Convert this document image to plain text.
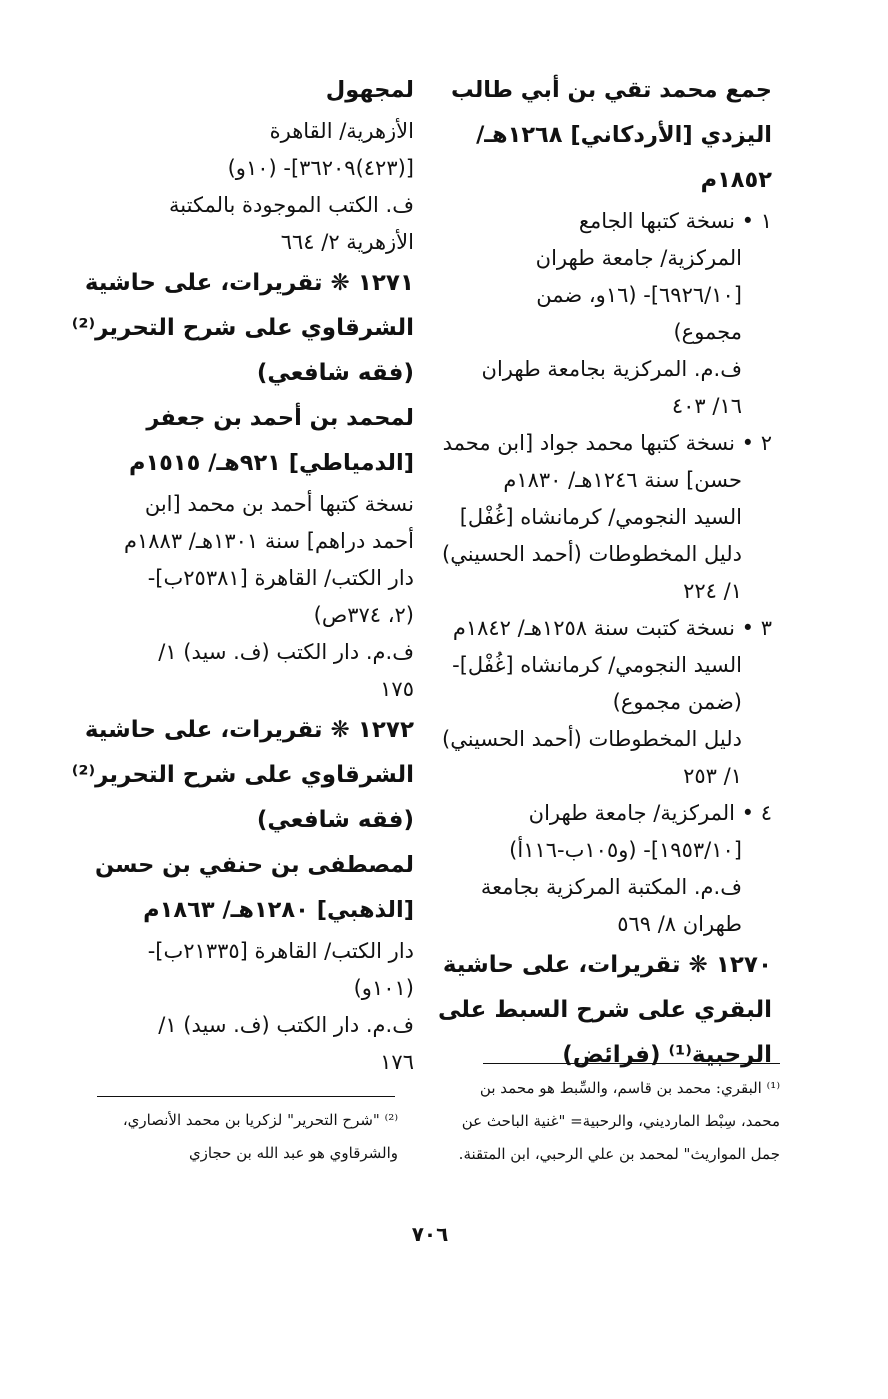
جمع محمد تقي بن أبي طالب
اليزدي [الأردكاني] ١٢٦٨هـ/
١٨٥٢م
١ • نسخة كتبها الجامع
المركزية/ جامعة طهران
[٦٩٢٦/١٠]- (١٦و، ضمن
مجموع)
ف.م. المركزية بجامعة طهران
١٦/ ٤٠٣
٢ • نسخة كتبها محمد جواد [ابن محمد
حسن] سنة ١٢٤٦هـ/ ١٨٣٠م
السيد النجومي/ كرمانشاه [غُفْل]
دليل المخطوطات (أحمد الحسيني)
١/ ٢٢٤
٣ • نسخة كتبت سنة ١٢٥٨هـ/ ١٨٤٢م
السيد النجومي/ كرمانشاه [غُفْل]-
(ضمن مجموع)
دليل المخطوطات (أحمد الحسيني)
١/ ٢٥٣
٤ • المركزية/ جامعة طهران
[١٩٥٣/١٠]- (و١٠٥ب-١١٦أ)
ف.م. المكتبة المركزية بجامعة
طهران ٨/ ٥٦٩
١٢٧٠ ❋ تقريرات، على حاشية
البقري على شرح السبط على
الرحبية⁽¹⁾ (فرائض)
لمجهول
الأزهرية/ القاهرة
[(٤٢٣)٣٦٢٠٩]- (١٠و)
ف. الكتب الموجودة بالمكتبة
الأزهرية ٢/ ٦٦٤
١٢٧١ ❋ تقريرات، على حاشية
الشرقاوي على شرح التحرير⁽²⁾
(فقه شافعي)
لمحمد بن أحمد بن جعفر
[الدمياطي] ٩٢١هـ/ ١٥١٥م
نسخة كتبها أحمد بن محمد [ابن
أحمد دراهم] سنة ١٣٠١هـ/ ١٨٨٣م
دار الكتب/ القاهرة [٢٥٣٨١ب]-
(٢، ٣٧٤ص)
ف.م. دار الكتب (ف. سيد) ١/
١٧٥
١٢٧٢ ❋ تقريرات، على حاشية
الشرقاوي على شرح التحرير⁽²⁾
(فقه شافعي)
لمصطفى بن حنفي بن حسن
[الذهبي] ١٢٨٠هـ/ ١٨٦٣م
دار الكتب/ القاهرة [٢١٣٣٥ب]-
(١٠١و)
ف.م. دار الكتب (ف. سيد) ١/
١٧٦
⁽¹⁾ البقري: محمد بن قاسم، والسِّبط هو محمد بن
محمد، سِبْط المارديني، والرحبية= "غنية الباحث عن
جمل المواريث" لمحمد بن علي الرحبي، ابن المتقنة.
⁽²⁾ "شرح التحرير" لزكريا بن محمد الأنصاري،
والشرقاوي هو عبد الله بن حجازي
٧٠٦
